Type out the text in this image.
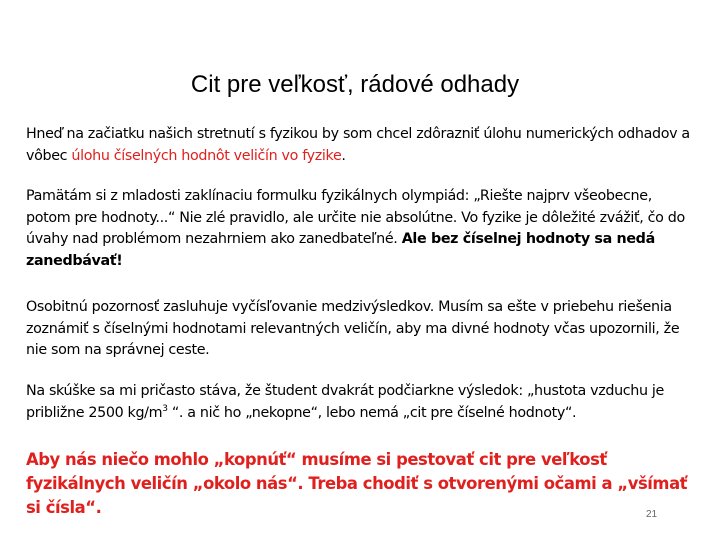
Cit pre veľkosť, rádové odhady

Hneď na začiatku našich stretnutí s fyzikou by som chcel zdôrazniť úlohu numerických odhadov a vôbec úlohu číselných hodnôt veličín vo fyzike.

Pamätám si z mladosti zaklínaciu formulku fyzikálnych olympiád: „Riešte najprv všeobecne, potom pre hodnoty...“ Nie zlé pravidlo, ale určite nie absolútne. Vo fyzike je dôležité zvážiť, čo do úvahy nad problémom nezahrniem ako zanedbateľné. Ale bez číselnej hodnoty sa nedá zanedbávať!

Osobitnú pozornosť zasluhuje vyčísľovanie medzivýsledkov. Musím sa ešte v priebehu riešenia zoznámiť s číselnými hodnotami relevantných veličín, aby ma divné hodnoty včas upozornili, že nie som na správnej ceste.

Na skúške sa mi pričasto stáva, že študent dvakrát podčiarkne výsledok: „hustota vzduchu je približne 2500 $kg/m^3$ “. a nič ho „nekopne“, lebo nemá „cit pre číselné hodnoty“.

Aby nás niečo mohlo „kopnúť“ musíme si pestovať cit pre veľkosť fyzikálnych veličín „okolo nás“. Treba chodiť s otvorenými očami a „všímať si čísla“.	21
